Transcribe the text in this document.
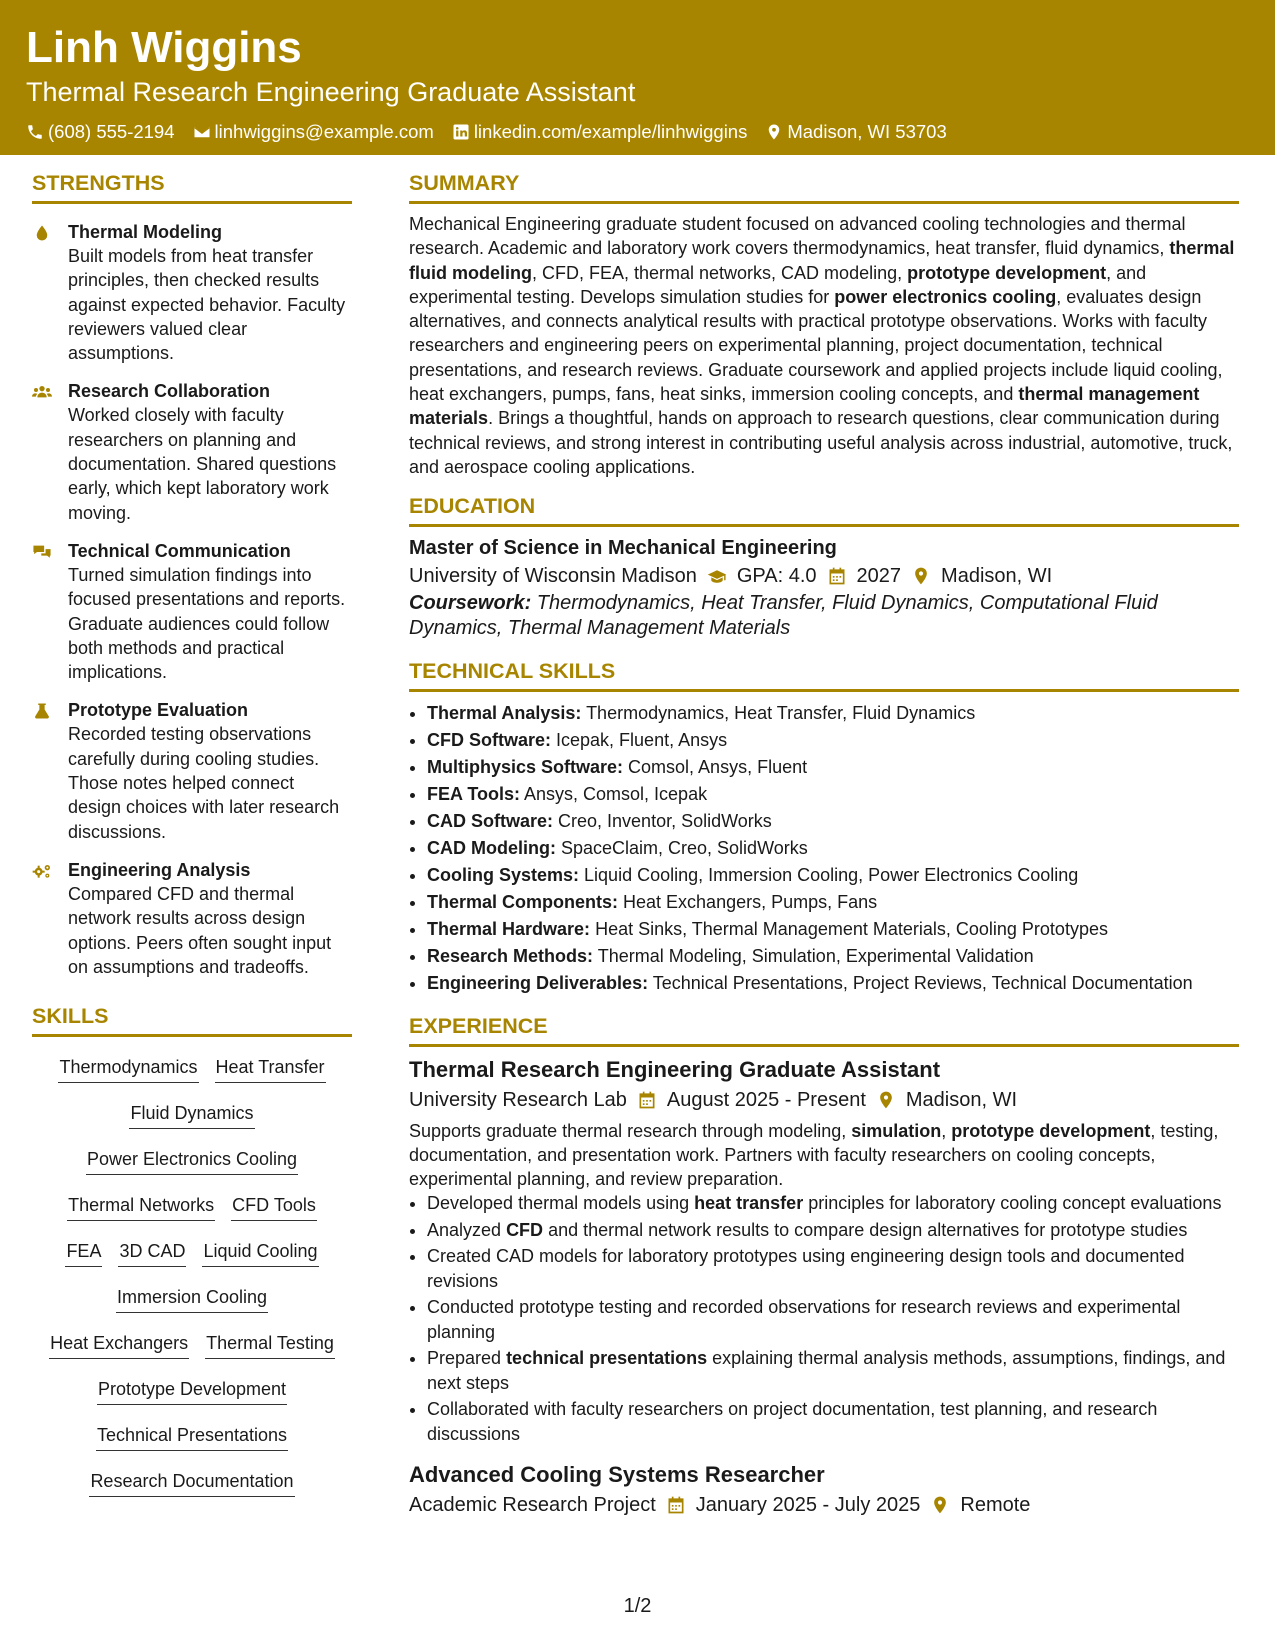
Linh Wiggins
Thermal Research Engineering Graduate Assistant
(608) 555-2194 linhwiggins@example.com linkedin.com/example/linhwiggins Madison, WI 53703
STRENGTHS
Thermal Modeling
Built models from heat transfer principles, then checked results against expected behavior. Faculty reviewers valued clear assumptions.
Research Collaboration
Worked closely with faculty researchers on planning and documentation. Shared questions early, which kept laboratory work moving.
Technical Communication
Turned simulation findings into focused presentations and reports. Graduate audiences could follow both methods and practical implications.
Prototype Evaluation
Recorded testing observations carefully during cooling studies. Those notes helped connect design choices with later research discussions.
Engineering Analysis
Compared CFD and thermal network results across design options. Peers often sought input on assumptions and tradeoffs.
SKILLS
Thermodynamics Heat Transfer
Fluid Dynamics
Power Electronics Cooling
Thermal Networks CFD Tools
FEA 3D CAD Liquid Cooling
Immersion Cooling
Heat Exchangers Thermal Testing
Prototype Development
Technical Presentations
Research Documentation
SUMMARY
Mechanical Engineering graduate student focused on advanced cooling technologies and thermal research. Academic and laboratory work covers thermodynamics, heat transfer, fluid dynamics, thermal fluid modeling, CFD, FEA, thermal networks, CAD modeling, prototype development, and experimental testing. Develops simulation studies for power electronics cooling, evaluates design alternatives, and connects analytical results with practical prototype observations. Works with faculty researchers and engineering peers on experimental planning, project documentation, technical presentations, and research reviews. Graduate coursework and applied projects include liquid cooling, heat exchangers, pumps, fans, heat sinks, immersion cooling concepts, and thermal management materials. Brings a thoughtful, hands on approach to research questions, clear communication during technical reviews, and strong interest in contributing useful analysis across industrial, automotive, truck, and aerospace cooling applications.
EDUCATION
Master of Science in Mechanical Engineering
University of Wisconsin Madison GPA: 4.0 2027 Madison, WI
Coursework: Thermodynamics, Heat Transfer, Fluid Dynamics, Computational Fluid Dynamics, Thermal Management Materials
TECHNICAL SKILLS
• Thermal Analysis: Thermodynamics, Heat Transfer, Fluid Dynamics
• CFD Software: Icepak, Fluent, Ansys
• Multiphysics Software: Comsol, Ansys, Fluent
• FEA Tools: Ansys, Comsol, Icepak
• CAD Software: Creo, Inventor, SolidWorks
• CAD Modeling: SpaceClaim, Creo, SolidWorks
• Cooling Systems: Liquid Cooling, Immersion Cooling, Power Electronics Cooling
• Thermal Components: Heat Exchangers, Pumps, Fans
• Thermal Hardware: Heat Sinks, Thermal Management Materials, Cooling Prototypes
• Research Methods: Thermal Modeling, Simulation, Experimental Validation
• Engineering Deliverables: Technical Presentations, Project Reviews, Technical Documentation
EXPERIENCE
Thermal Research Engineering Graduate Assistant
University Research Lab August 2025 - Present Madison, WI
Supports graduate thermal research through modeling, simulation, prototype development, testing, documentation, and presentation work. Partners with faculty researchers on cooling concepts, experimental planning, and review preparation.
• Developed thermal models using heat transfer principles for laboratory cooling concept evaluations
• Analyzed CFD and thermal network results to compare design alternatives for prototype studies
• Created CAD models for laboratory prototypes using engineering design tools and documented revisions
• Conducted prototype testing and recorded observations for research reviews and experimental planning
• Prepared technical presentations explaining thermal analysis methods, assumptions, findings, and next steps
• Collaborated with faculty researchers on project documentation, test planning, and research discussions
Advanced Cooling Systems Researcher
Academic Research Project January 2025 - July 2025 Remote
1/2
